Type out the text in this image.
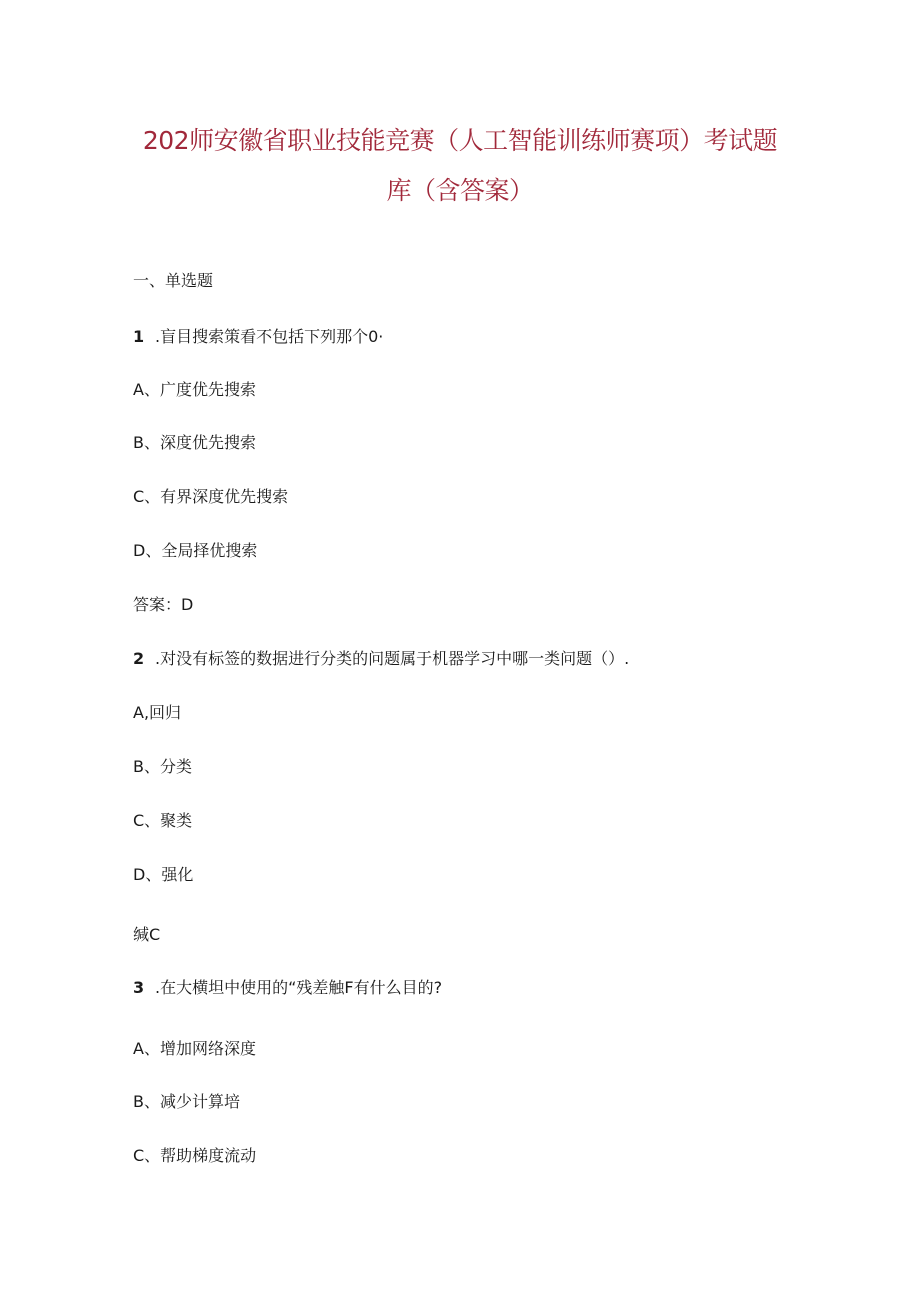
202师安徽省职业技能竞赛（人工智能训练师赛项）考试题
库（含答案）
一、单选题
1 .盲目搜索策看不包括下列那个0·
A、广度优先搜索
B、深度优先搜索
C、有界深度优先搜索
D、全局择优搜索
答案：D
2 .对没有标签的数据进行分类的问题属于机器学习中哪一类问题（）.
A,回归
B、分类
C、聚类
D、强化
缄C
3 .在大横坦中使用的“残差触F有什么目的?
A、增加网络深度
B、减少计算培
C、帮助梯度流动
